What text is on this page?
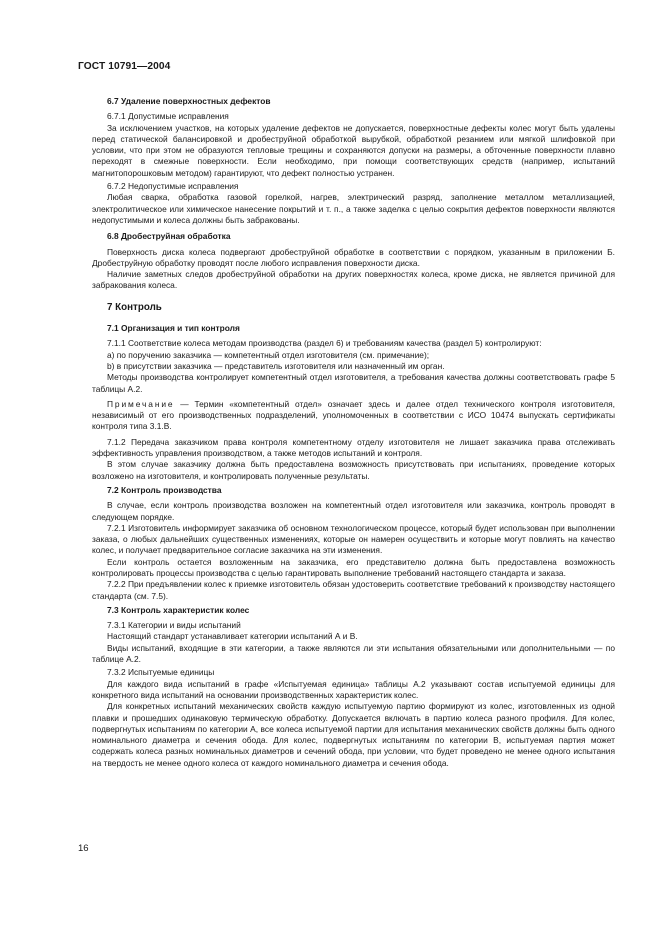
ГОСТ 10791—2004

6.7 Удаление поверхностных дефектов

6.7.1 Допустимые исправления

За исключением участков, на которых удаление дефектов не допускается, поверхностные дефекты колес могут быть удалены перед статической балансировкой и дробеструйной обработкой вырубкой, обработкой резанием или мягкой шлифовкой при условии, что при этом не образуются тепловые трещины и сохраняются допуски на размеры, а обточенные поверхности плавно переходят в смежные поверхности. Если необходимо, при помощи соответствующих средств (например, испытаний магнитопорошковым методом) гарантируют, что дефект полностью устранен.

6.7.2 Недопустимые исправления

Любая сварка, обработка газовой горелкой, нагрев, электрический разряд, заполнение металлом металлизацией, электролитическое или химическое нанесение покрытий и т. п., а также заделка с целью сокрытия дефектов поверхности являются недопустимыми и колеса должны быть забракованы.

6.8 Дробеструйная обработка

Поверхность диска колеса подвергают дробеструйной обработке в соответствии с порядком, указанным в приложении Б. Дробеструйную обработку проводят после любого исправления поверхности диска.

Наличие заметных следов дробеструйной обработки на других поверхностях колеса, кроме диска, не является причиной для забракования колеса.

7 Контроль

7.1 Организация и тип контроля

7.1.1 Соответствие колеса методам производства (раздел 6) и требованиям качества (раздел 5) контролируют:

a) по поручению заказчика — компетентный отдел изготовителя (см. примечание);

b) в присутствии заказчика — представитель изготовителя или назначенный им орган.

Методы производства контролирует компетентный отдел изготовителя, а требования качества должны соответствовать графе 5 таблицы А.2.

Примечание — Термин «компетентный отдел» означает здесь и далее отдел технического контроля изготовителя, независимый от его производственных подразделений, уполномоченных в соответствии с ИСО 10474 выпускать сертификаты контроля типа 3.1.В.

7.1.2 Передача заказчиком права контроля компетентному отделу изготовителя не лишает заказчика права отслеживать эффективность управления производством, а также методов испытаний и контроля.

В этом случае заказчику должна быть предоставлена возможность присутствовать при испытаниях, проведение которых возложено на изготовителя, и контролировать полученные результаты.

7.2 Контроль производства

В случае, если контроль производства возложен на компетентный отдел изготовителя или заказчика, контроль проводят в следующем порядке.

7.2.1 Изготовитель информирует заказчика об основном технологическом процессе, который будет использован при выполнении заказа, о любых дальнейших существенных изменениях, которые он намерен осуществить и которые могут повлиять на качество колес, и получает предварительное согласие заказчика на эти изменения.

Если контроль остается возложенным на заказчика, его представителю должна быть предоставлена возможность контролировать процессы производства с целью гарантировать выполнение требований настоящего стандарта и заказа.

7.2.2 При предъявлении колес к приемке изготовитель обязан удостоверить соответствие требований к производству настоящего стандарта (см. 7.5).

7.3 Контроль характеристик колес

7.3.1 Категории и виды испытаний

Настоящий стандарт устанавливает категории испытаний А и В.

Виды испытаний, входящие в эти категории, а также являются ли эти испытания обязательными или дополнительными — по таблице А.2.

7.3.2 Испытуемые единицы

Для каждого вида испытаний в графе «Испытуемая единица» таблицы А.2 указывают состав испытуемой единицы для конкретного вида испытаний на основании производственных характеристик колес.

Для конкретных испытаний механических свойств каждую испытуемую партию формируют из колес, изготовленных из одной плавки и прошедших одинаковую термическую обработку. Допускается включать в партию колеса разного профиля. Для колес, подвергнутых испытаниям по категории А, все колеса испытуемой партии для испытания механических свойств должны быть одного номинального диаметра и сечения обода. Для колес, подвергнутых испытаниям по категории В, испытуемая партия может содержать колеса разных номинальных диаметров и сечений обода, при условии, что будет проведено не менее одного испытания на твердость не менее одного колеса от каждого номинального диаметра и сечения обода.

16
